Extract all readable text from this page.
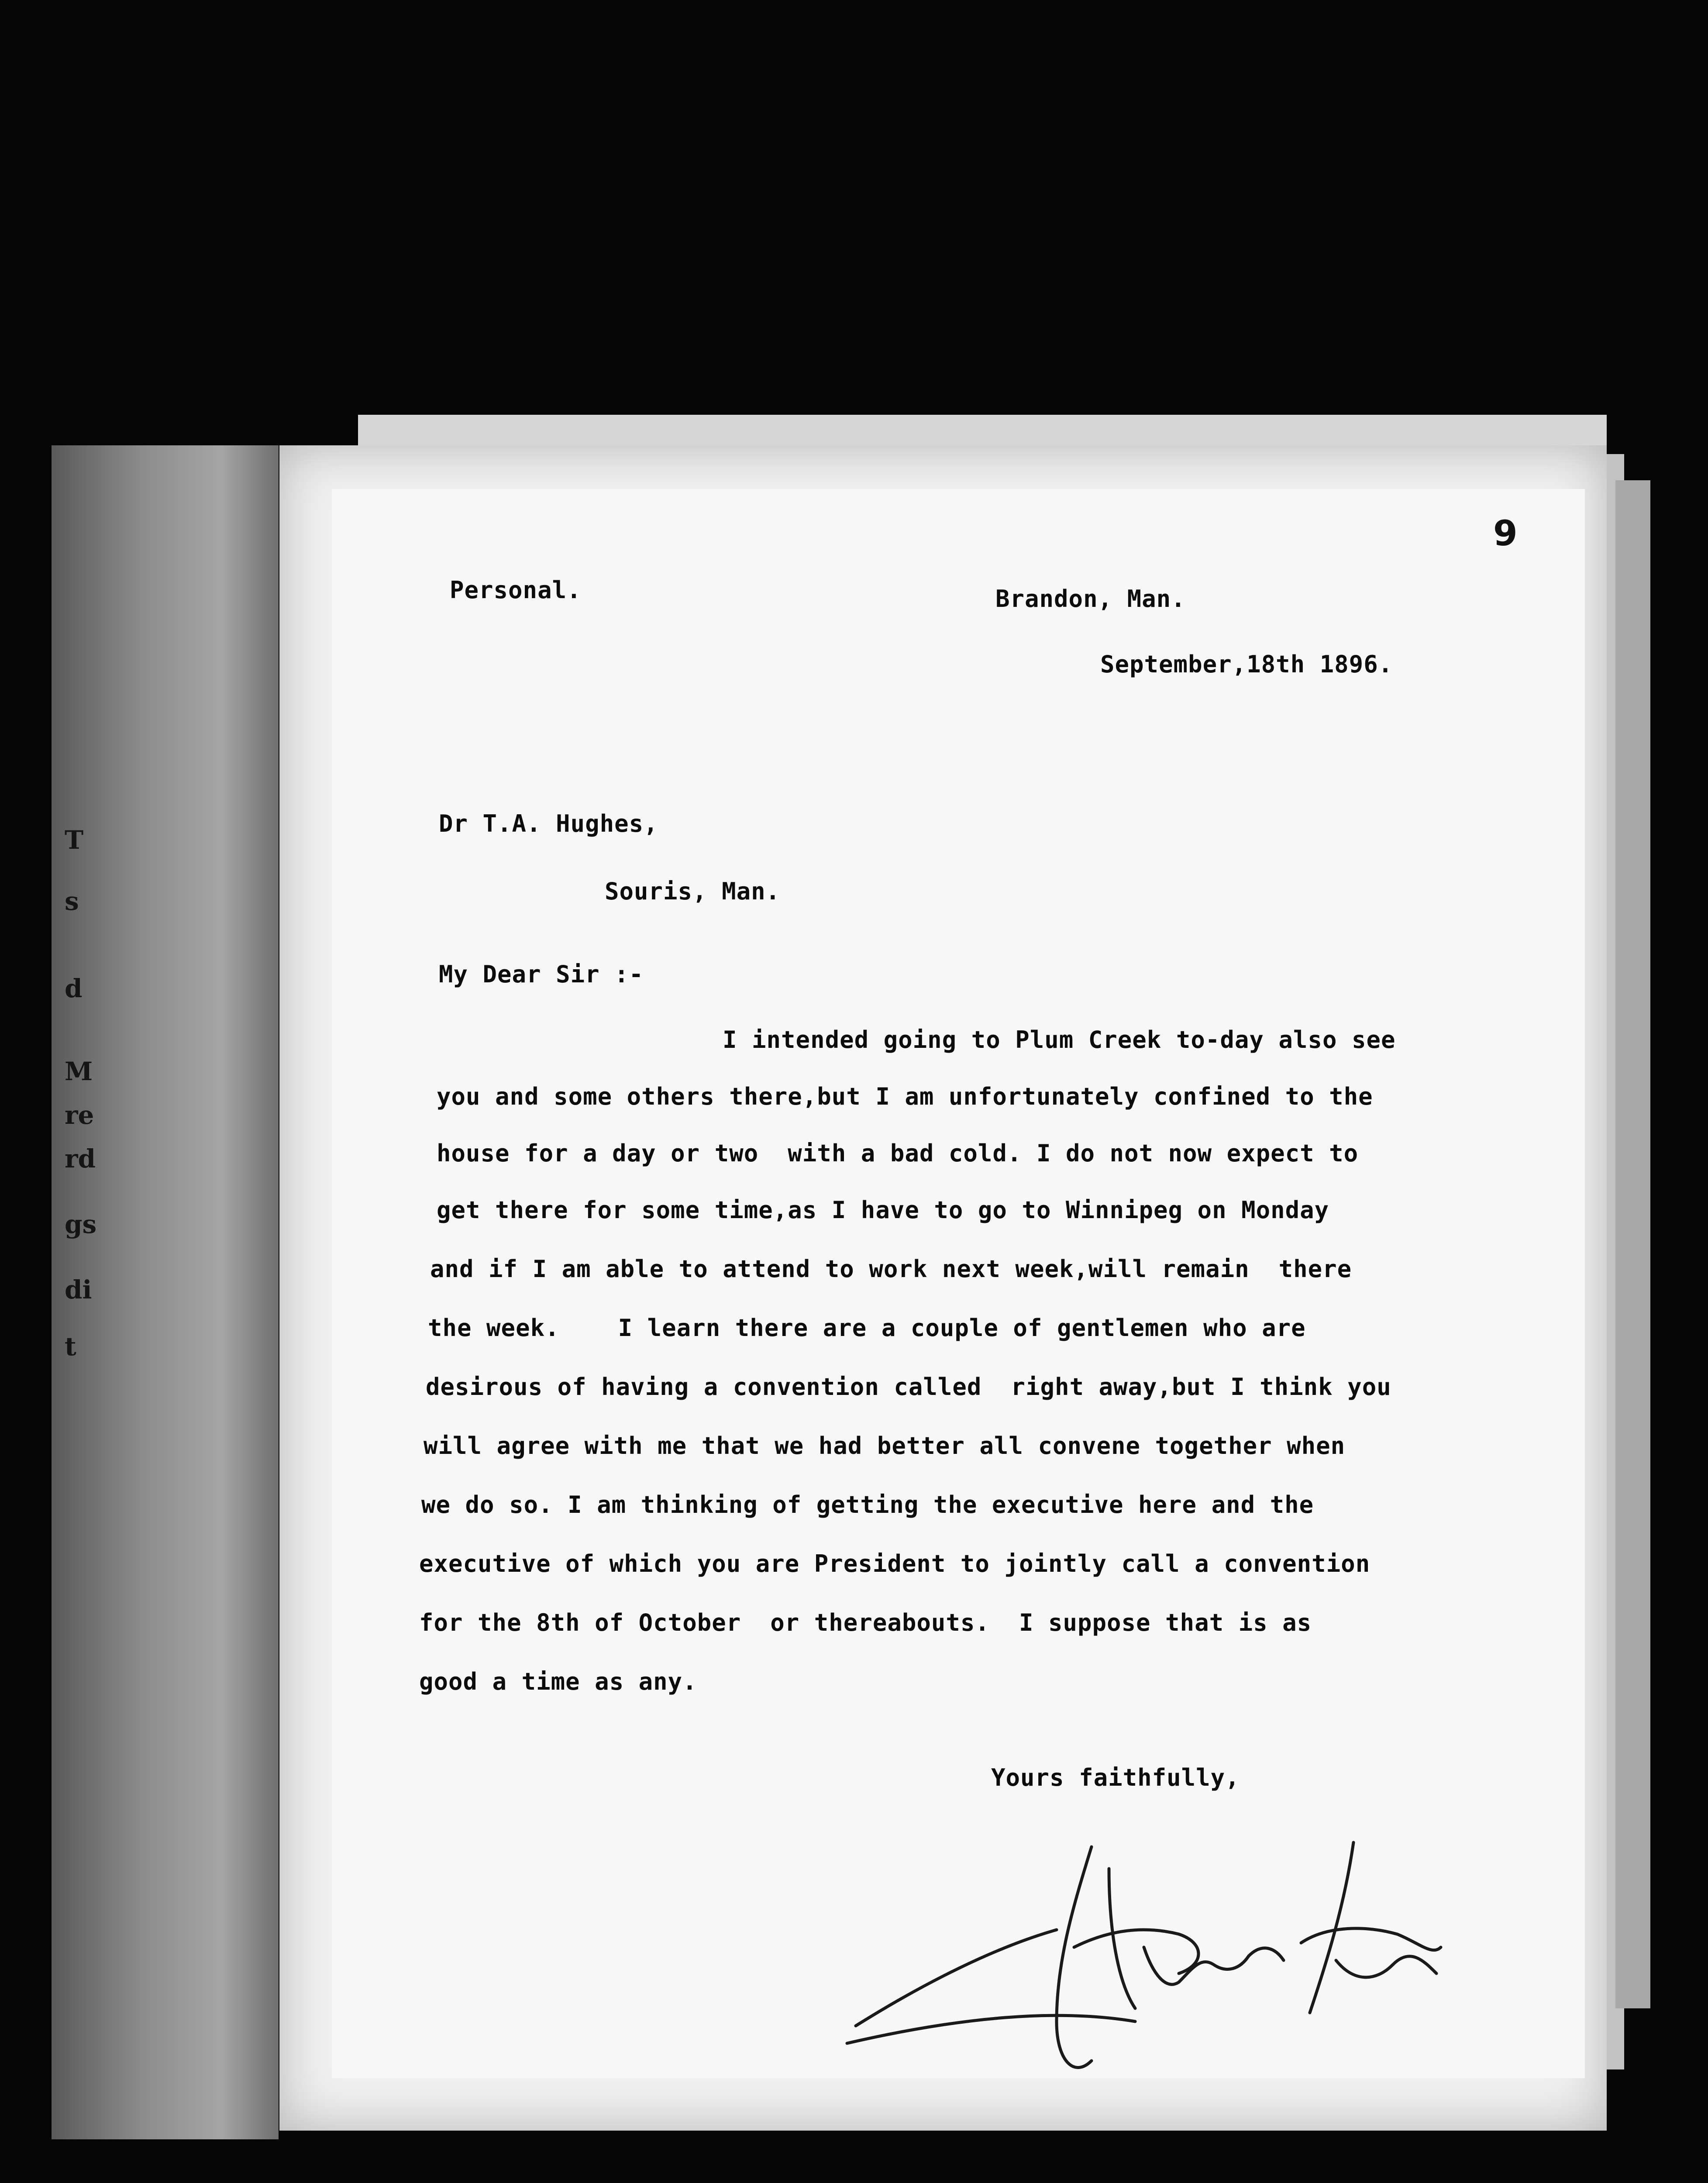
T
s
d
M
re
rd
gs
di
t
9
Personal.	Brandon, Man.
September,18th 1896.
Dr T.A. Hughes,
Souris, Man.
My Dear Sir :-
I intended going to Plum Creek to-day also see
you and some others there,but I am unfortunately confined to the
house for a day or two  with a bad cold. I do not now expect to
get there for some time,as I have to go to Winnipeg on Monday
and if I am able to attend to work next week,will remain  there
the week.    I learn there are a couple of gentlemen who are
desirous of having a convention called  right away,but I think you
will agree with me that we had better all convene together when
we do so. I am thinking of getting the executive here and the
executive of which you are President to jointly call a convention
for the 8th of October  or thereabouts.  I suppose that is as
good a time as any.
Yours faithfully,
